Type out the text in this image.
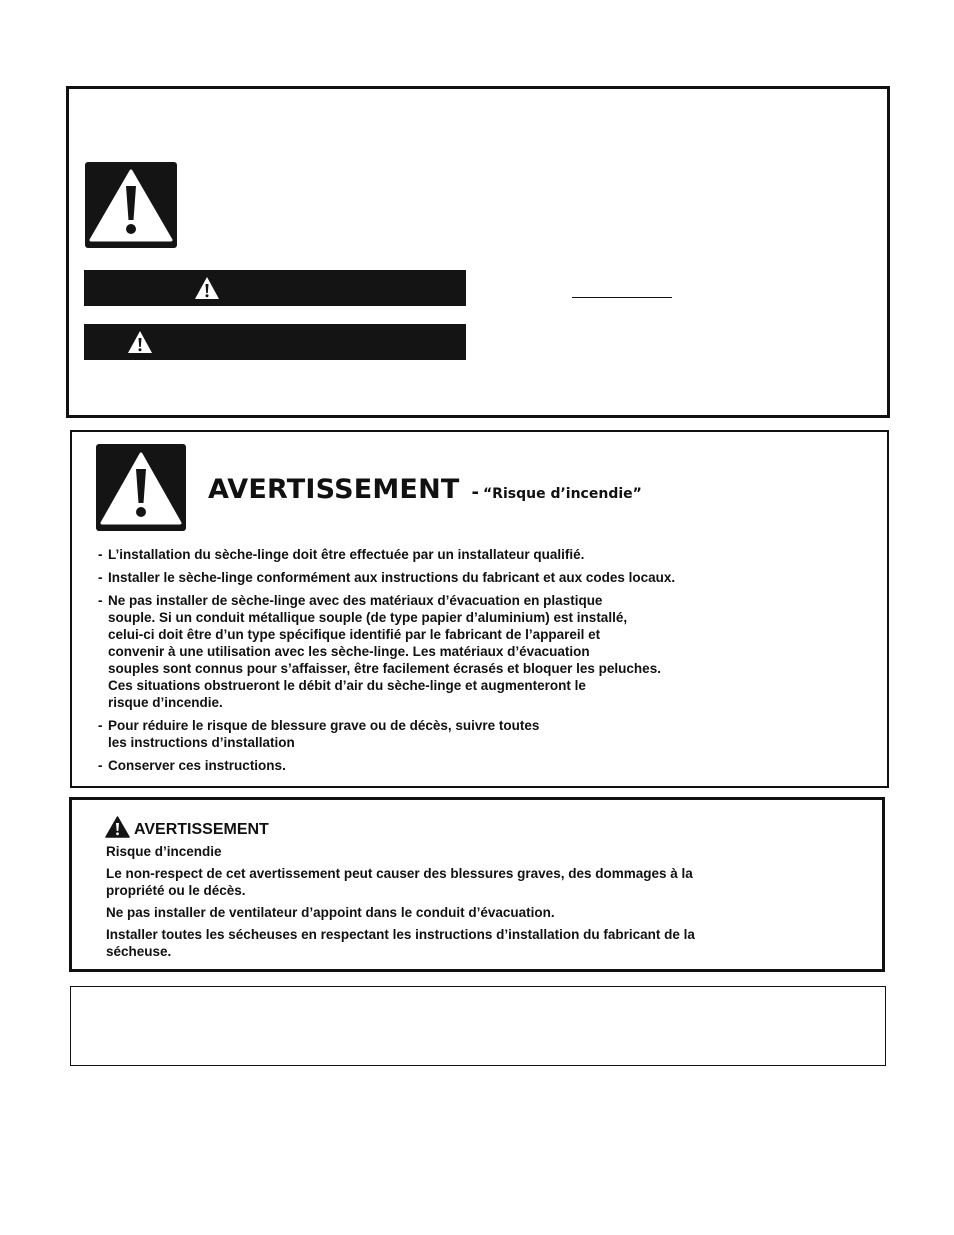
AVERTISSEMENT - “Risque d’incendie”
- L’installation du sèche-linge doit être effectuée par un installateur qualifié.
- Installer le sèche-linge conformément aux instructions du fabricant et aux codes locaux.
- Ne pas installer de sèche-linge avec des matériaux d’évacuation en plastique
souple. Si un conduit métallique souple (de type papier d’aluminium) est installé,
celui-ci doit être d’un type spécifique identifié par le fabricant de l’appareil et
convenir à une utilisation avec les sèche-linge. Les matériaux d’évacuation
souples sont connus pour s’affaisser, être facilement écrasés et bloquer les peluches.
Ces situations obstrueront le débit d’air du sèche-linge et augmenteront le
risque d’incendie.
- Pour réduire le risque de blessure grave ou de décès, suivre toutes
les instructions d’installation
- Conserver ces instructions.
AVERTISSEMENT

Risque d’incendie

Le non-respect de cet avertissement peut causer des blessures graves, des dommages à la propriété ou le décès.

Ne pas installer de ventilateur d’appoint dans le conduit d’évacuation.

Installer toutes les sécheuses en respectant les instructions d’installation du fabricant de la sécheuse.
